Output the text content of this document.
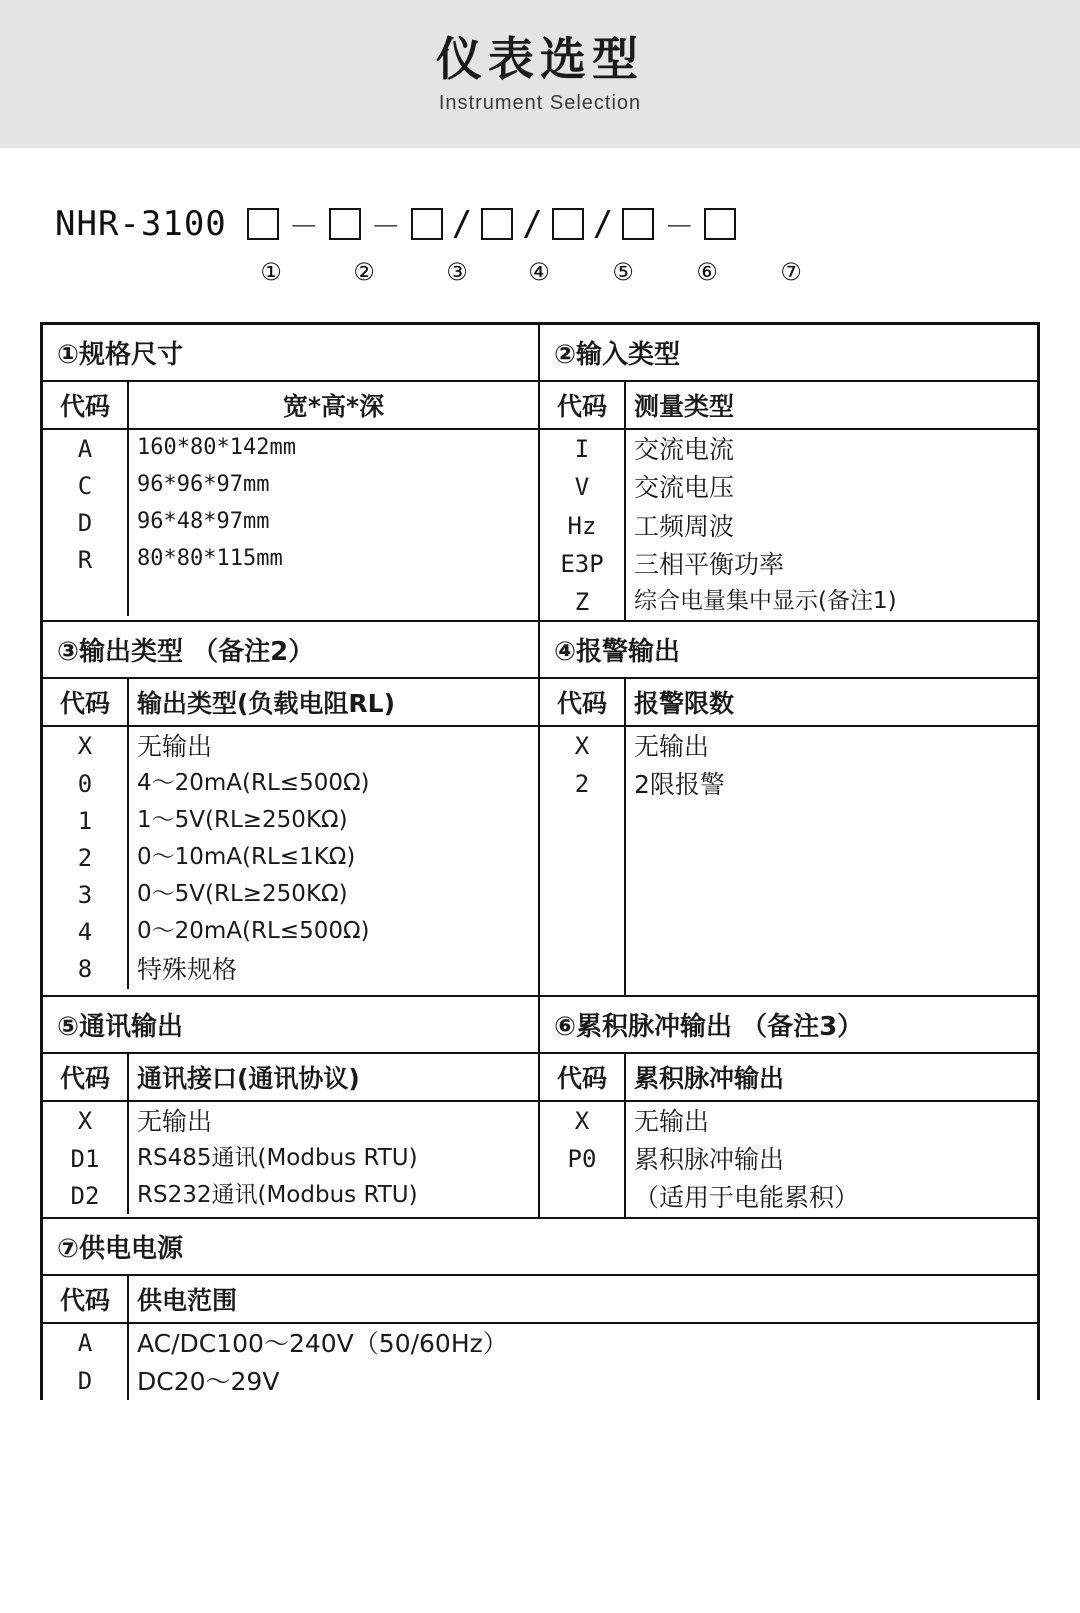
仪表选型
Instrument Selection
NHR-3100	－	－ / / /	－
①	②	③	④	⑤	⑥	⑦
①规格尺寸
代码	宽*高*深
A	160*80*142mm
C	96*96*97mm
D	96*48*97mm
R	80*80*115mm

②输入类型
代码	测量类型
I	交流电流
V	交流电压
Hz	工频周波
E3P	三相平衡功率
Z	综合电量集中显示(备注1)
③输出类型 （备注2）
代码	输出类型(负载电阻RL)
X	无输出
0	4～20mA(RL≤500Ω)
1	1～5V(RL≥250KΩ)
2	0～10mA(RL≤1KΩ)
3	0～5V(RL≥250KΩ)
4	0～20mA(RL≤500Ω)
8	特殊规格
④报警输出
代码	报警限数
X	无输出
2	2限报警

⑤通讯输出
代码	通讯接口(通讯协议)
X	无输出
D1	RS485通讯(Modbus RTU)
D2	RS232通讯(Modbus RTU)
⑥累积脉冲输出 （备注3）
代码	累积脉冲输出
X	无输出
P0	累积脉冲输出

（适用于电能累积）
⑦供电电源
代码	供电范围
A	AC/DC100～240V（50/60Hz）
D	DC20～29V
